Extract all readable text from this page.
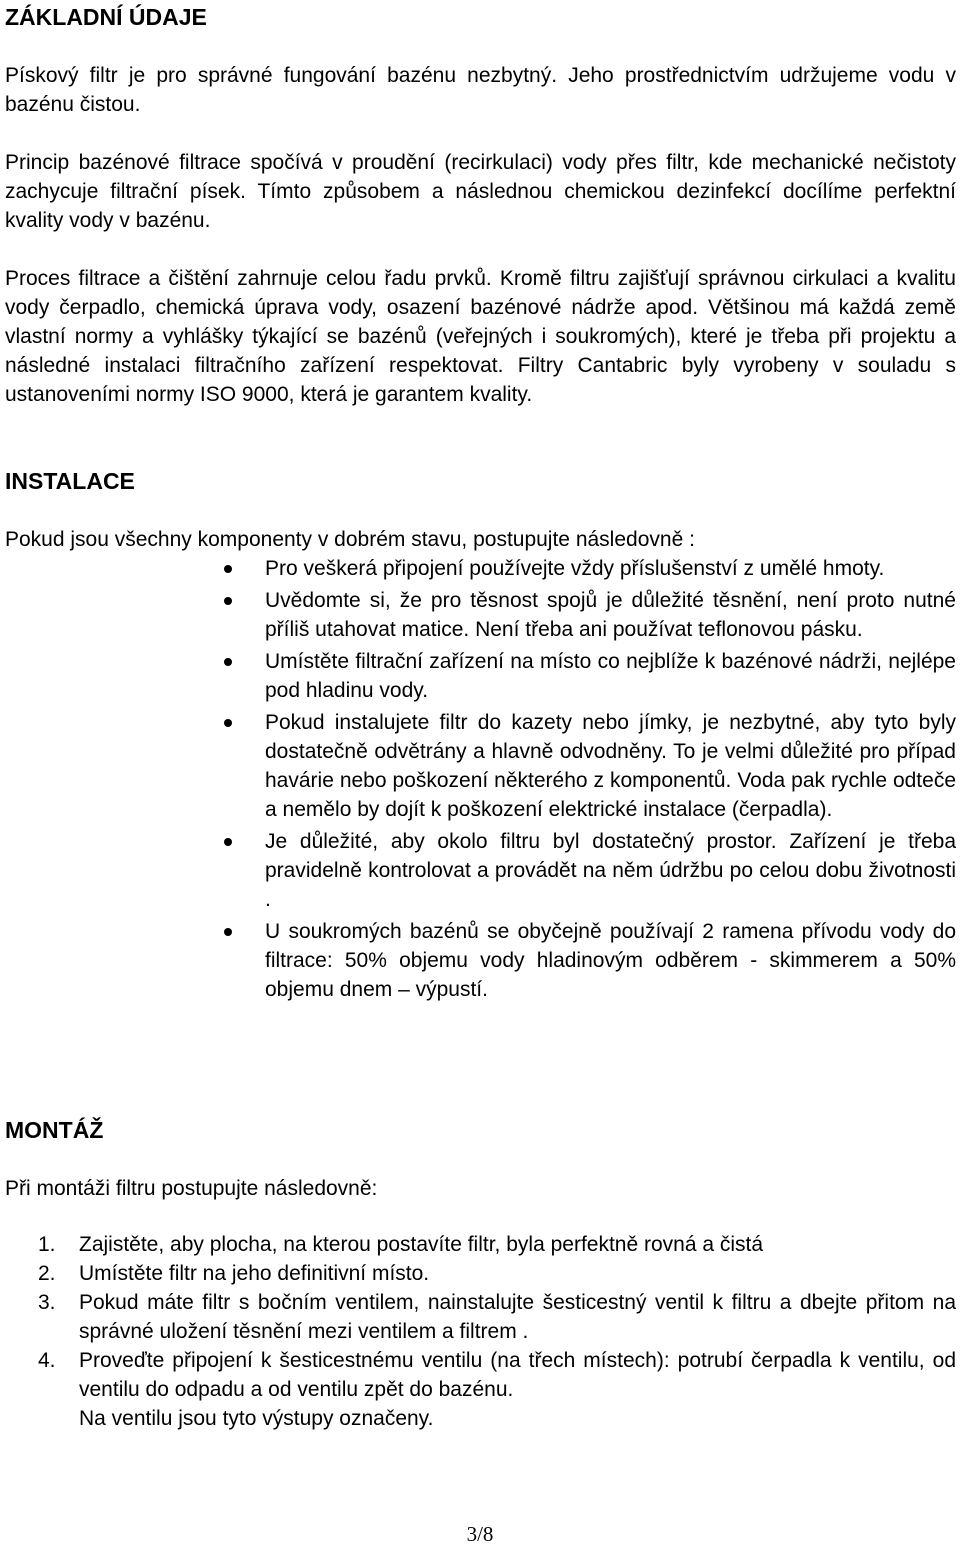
ZÁKLADNÍ ÚDAJE

Pískový filtr je pro správné fungování bazénu nezbytný. Jeho prostřednictvím udržujeme vodu v bazénu čistou.

Princip bazénové filtrace spočívá v proudění (recirkulaci) vody přes filtr, kde mechanické nečistoty zachycuje filtrační písek. Tímto způsobem a následnou chemickou dezinfekcí docílíme perfektní kvality vody v bazénu.

Proces filtrace a čištění zahrnuje celou řadu prvků. Kromě filtru zajišťují správnou cirkulaci a kvalitu vody čerpadlo, chemická úprava vody, osazení bazénové nádrže apod. Většinou má každá země vlastní normy a vyhlášky týkající se bazénů (veřejných i soukromých), které je třeba při projektu a následné instalaci filtračního zařízení respektovat. Filtry Cantabric byly vyrobeny v souladu s ustanoveními normy ISO 9000, která je garantem kvality.

INSTALACE

Pokud jsou všechny komponenty v dobrém stavu, postupujte následovně :

Pro veškerá připojení používejte vždy příslušenství z umělé hmoty.
Uvědomte si, že pro těsnost spojů je důležité těsnění, není proto nutné příliš utahovat matice. Není třeba ani používat teflonovou pásku.
Umístěte filtrační zařízení na místo co nejblíže k bazénové nádrži, nejlépe pod hladinu vody.
Pokud instalujete filtr do kazety nebo jímky, je nezbytné, aby tyto byly dostatečně odvětrány a hlavně odvodněny. To je velmi důležité pro případ havárie nebo poškození některého z komponentů. Voda pak rychle odteče a nemělo by dojít k poškození elektrické instalace (čerpadla).
Je důležité, aby okolo filtru byl dostatečný prostor. Zařízení je třeba pravidelně kontrolovat a provádět na něm údržbu po celou dobu životnosti .
U soukromých bazénů se obyčejně používají 2 ramena přívodu vody do filtrace: 50% objemu vody hladinovým odběrem - skimmerem a 50% objemu dnem – výpustí.
MONTÁŽ

Při montáži filtru postupujte následovně:

1. Zajistěte, aby plocha, na kterou postavíte filtr, byla perfektně rovná a čistá
2. Umístěte filtr na jeho definitivní místo.
3. Pokud máte filtr s bočním ventilem, nainstalujte šesticestný ventil k filtru a dbejte přitom na správné uložení těsnění mezi ventilem a filtrem .
4. Proveďte připojení k šesticestnému ventilu (na třech místech): potrubí čerpadla k ventilu, od ventilu do odpadu a od ventilu zpět do bazénu.
Na ventilu jsou tyto výstupy označeny.
3/8
